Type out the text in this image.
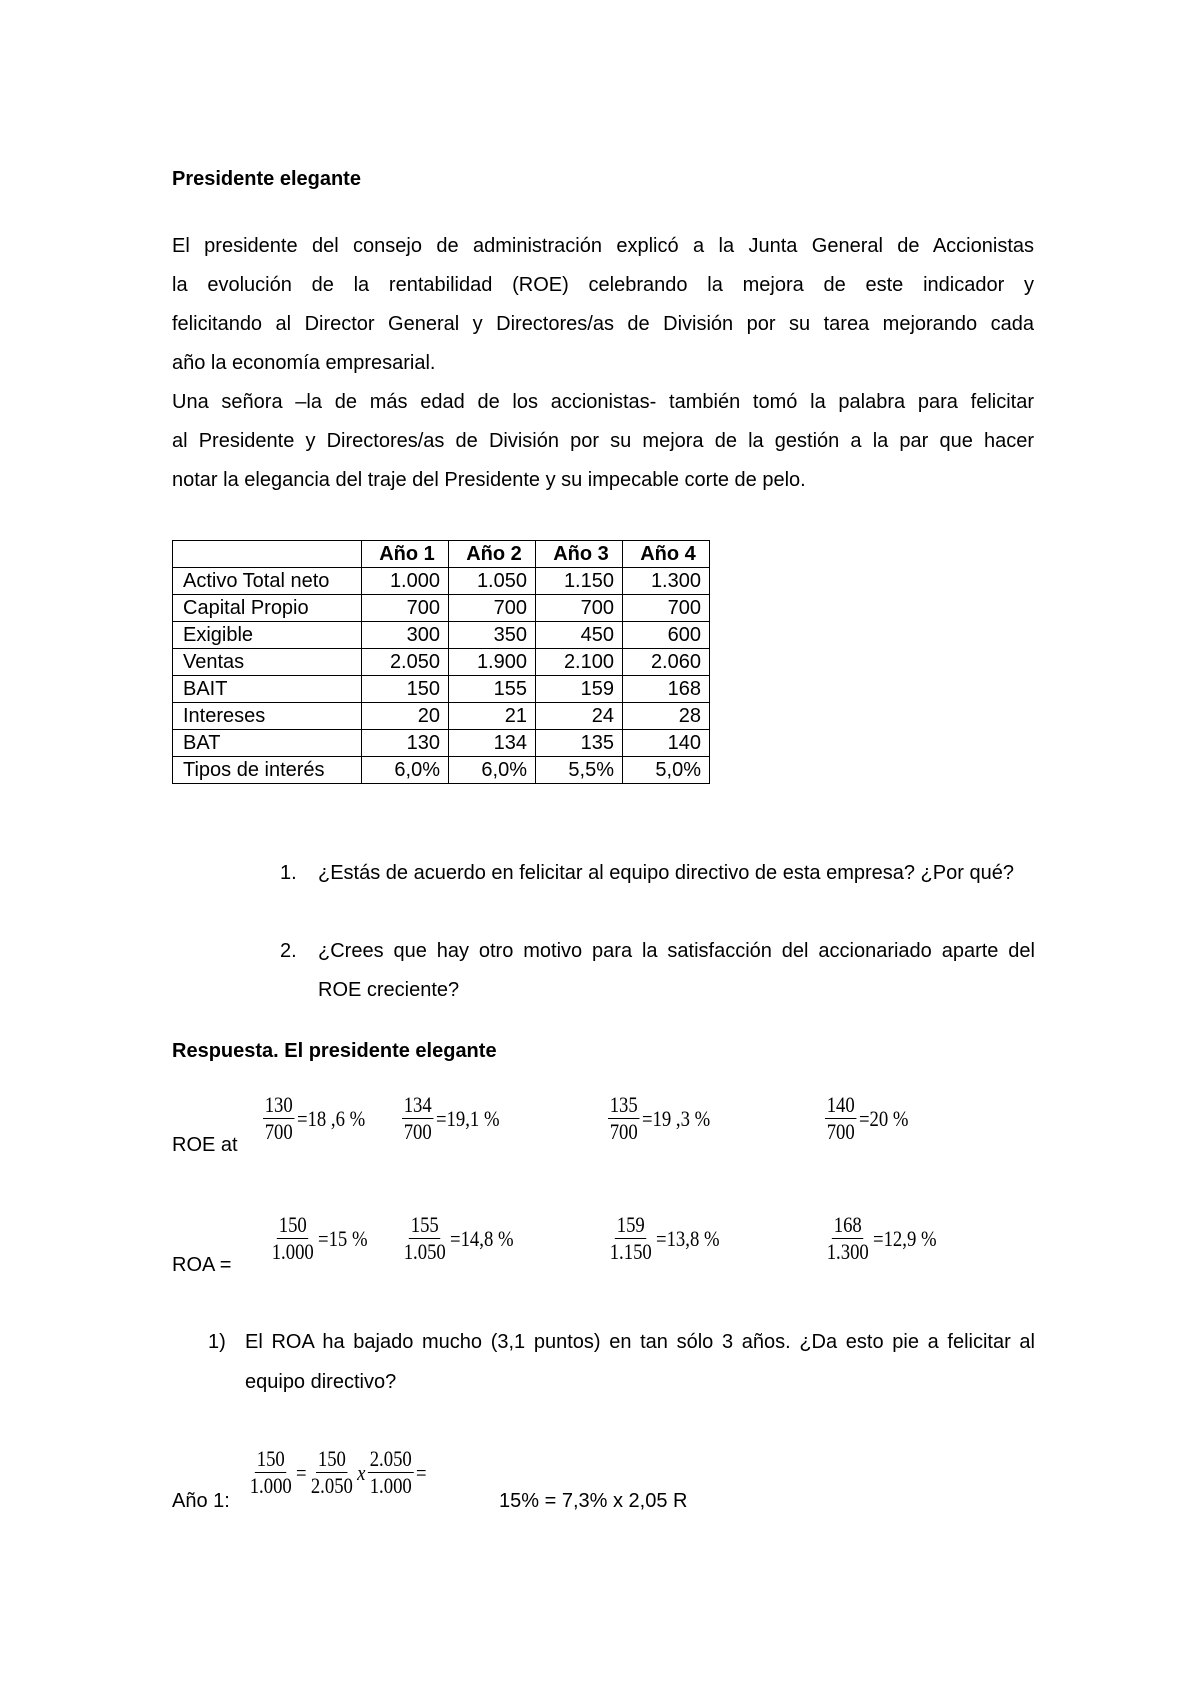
Presidente elegante
El presidente del consejo de administración explicó a la Junta General de Accionistas
la evolución de la rentabilidad (ROE) celebrando la mejora de este indicador y
felicitando al Director General y Directores/as de División por su tarea mejorando cada
año la economía empresarial.
Una señora –la de más edad de los accionistas- también tomó la palabra para felicitar
al Presidente y Directores/as de División por su mejora de la gestión a la par que hacer
notar la elegancia del traje del Presidente y su impecable corte de pelo.
	Año 1	Año 2	Año 3	Año 4
Activo Total neto	1.000	1.050	1.150	1.300
Capital Propio	700	700	700	700
Exigible	300	350	450	600
Ventas	2.050	1.900	2.100	2.060
BAIT	150	155	159	168
Intereses	20	21	24	28
BAT	130	134	135	140
Tipos de interés	6,0%	6,0%	5,5%	5,0%
1. ¿Estás de acuerdo en felicitar al equipo directivo de esta empresa? ¿Por qué?
2. ¿Crees que hay otro motivo para la satisfacción del accionariado aparte del ROE creciente?
Respuesta. El presidente elegante
ROE at $\frac{130}{700} =18$ ,6 % $\frac{134}{700} =19,1$ %	$\frac{135}{700} =19$ ,3 %	$\frac{140}{700} =20$ %
ROA = $\frac{150}{1.000} =15$ % $\frac{155}{1.050} =14,8$ %	$\frac{159}{1.150} =13,8$ %	$\frac{168}{1.300} =12,9$ %
1) El ROA ha bajado mucho (3,1 puntos) en tan sólo 3 años. ¿Da esto pie a felicitar al equipo directivo?
Año 1:
$\frac{150}{1.000} = \frac{150}{2.050}$ x $\frac{2.050}{1.000}$ =
15% = 7,3% x 2,05 R
